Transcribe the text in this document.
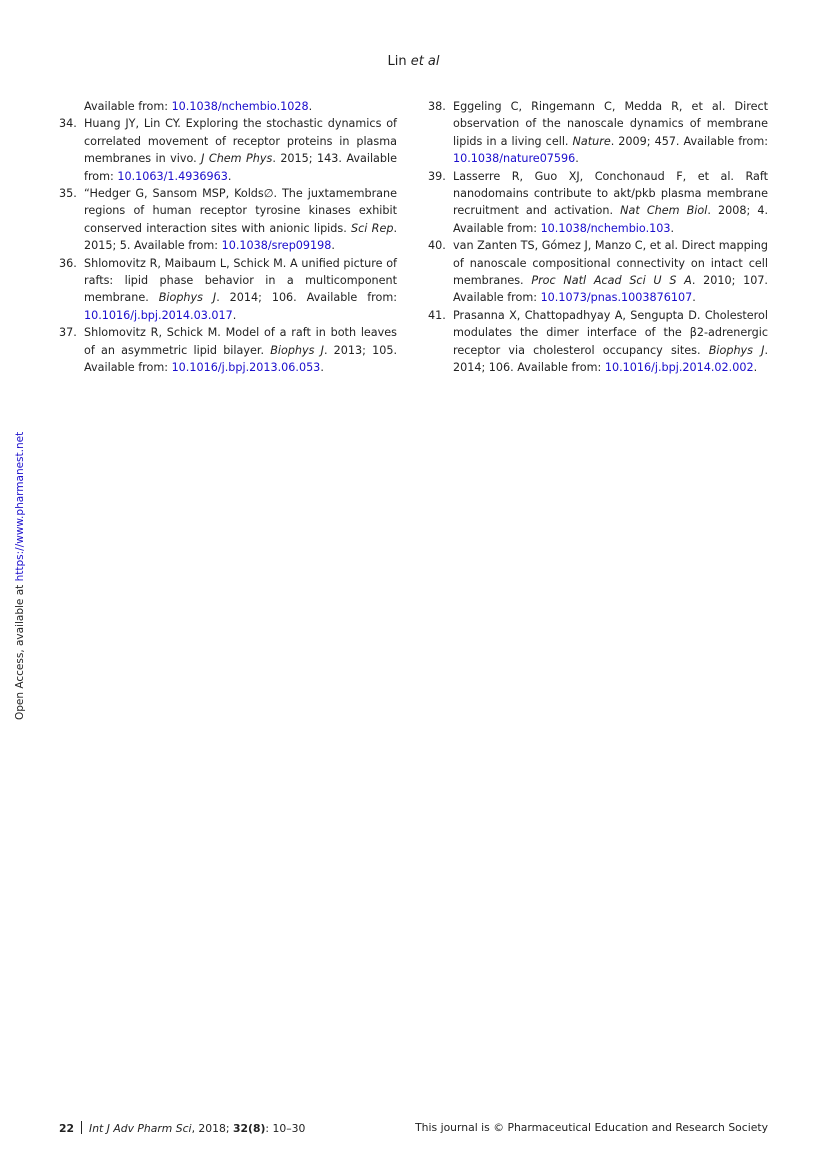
Lin et al
Open Access, available at https://www.pharmanest.net
Available from: 10.1038/nchembio.1028.
34. Huang JY, Lin CY. Exploring the stochastic dynamics of correlated movement of receptor proteins in plasma membranes in vivo. J Chem Phys. 2015; 143. Available from: 10.1063/1.4936963.
35. “Hedger G, Sansom MSP, Kolds∅. The juxtamembrane regions of human receptor tyrosine kinases exhibit conserved interaction sites with anionic lipids. Sci Rep. 2015; 5. Available from: 10.1038/srep09198.
36. Shlomovitz R, Maibaum L, Schick M. A unified picture of rafts: lipid phase behavior in a multicomponent membrane. Biophys J. 2014; 106. Available from: 10.1016/j.bpj.2014.03.017.
37. Shlomovitz R, Schick M. Model of a raft in both leaves of an asymmetric lipid bilayer. Biophys J. 2013; 105. Available from: 10.1016/j.bpj.2013.06.053.
38. Eggeling C, Ringemann C, Medda R, et al. Direct observation of the nanoscale dynamics of membrane lipids in a living cell. Nature. 2009; 457. Available from: 10.1038/nature07596.
39. Lasserre R, Guo XJ, Conchonaud F, et al. Raft nanodomains contribute to akt/pkb plasma membrane recruitment and activation. Nat Chem Biol. 2008; 4. Available from: 10.1038/nchembio.103.
40. van Zanten TS, Gómez J, Manzo C, et al. Direct mapping of nanoscale compositional connectivity on intact cell membranes. Proc Natl Acad Sci U S A. 2010; 107. Available from: 10.1073/pnas.1003876107.
41. Prasanna X, Chattopadhyay A, Sengupta D. Cholesterol modulates the dimer interface of the β2-adrenergic receptor via cholesterol occupancy sites. Biophys J. 2014; 106. Available from: 10.1016/j.bpj.2014.02.002.
22 Int J Adv Pharm Sci, 2018; 32(8): 10–30	This journal is © Pharmaceutical Education and Research Society
